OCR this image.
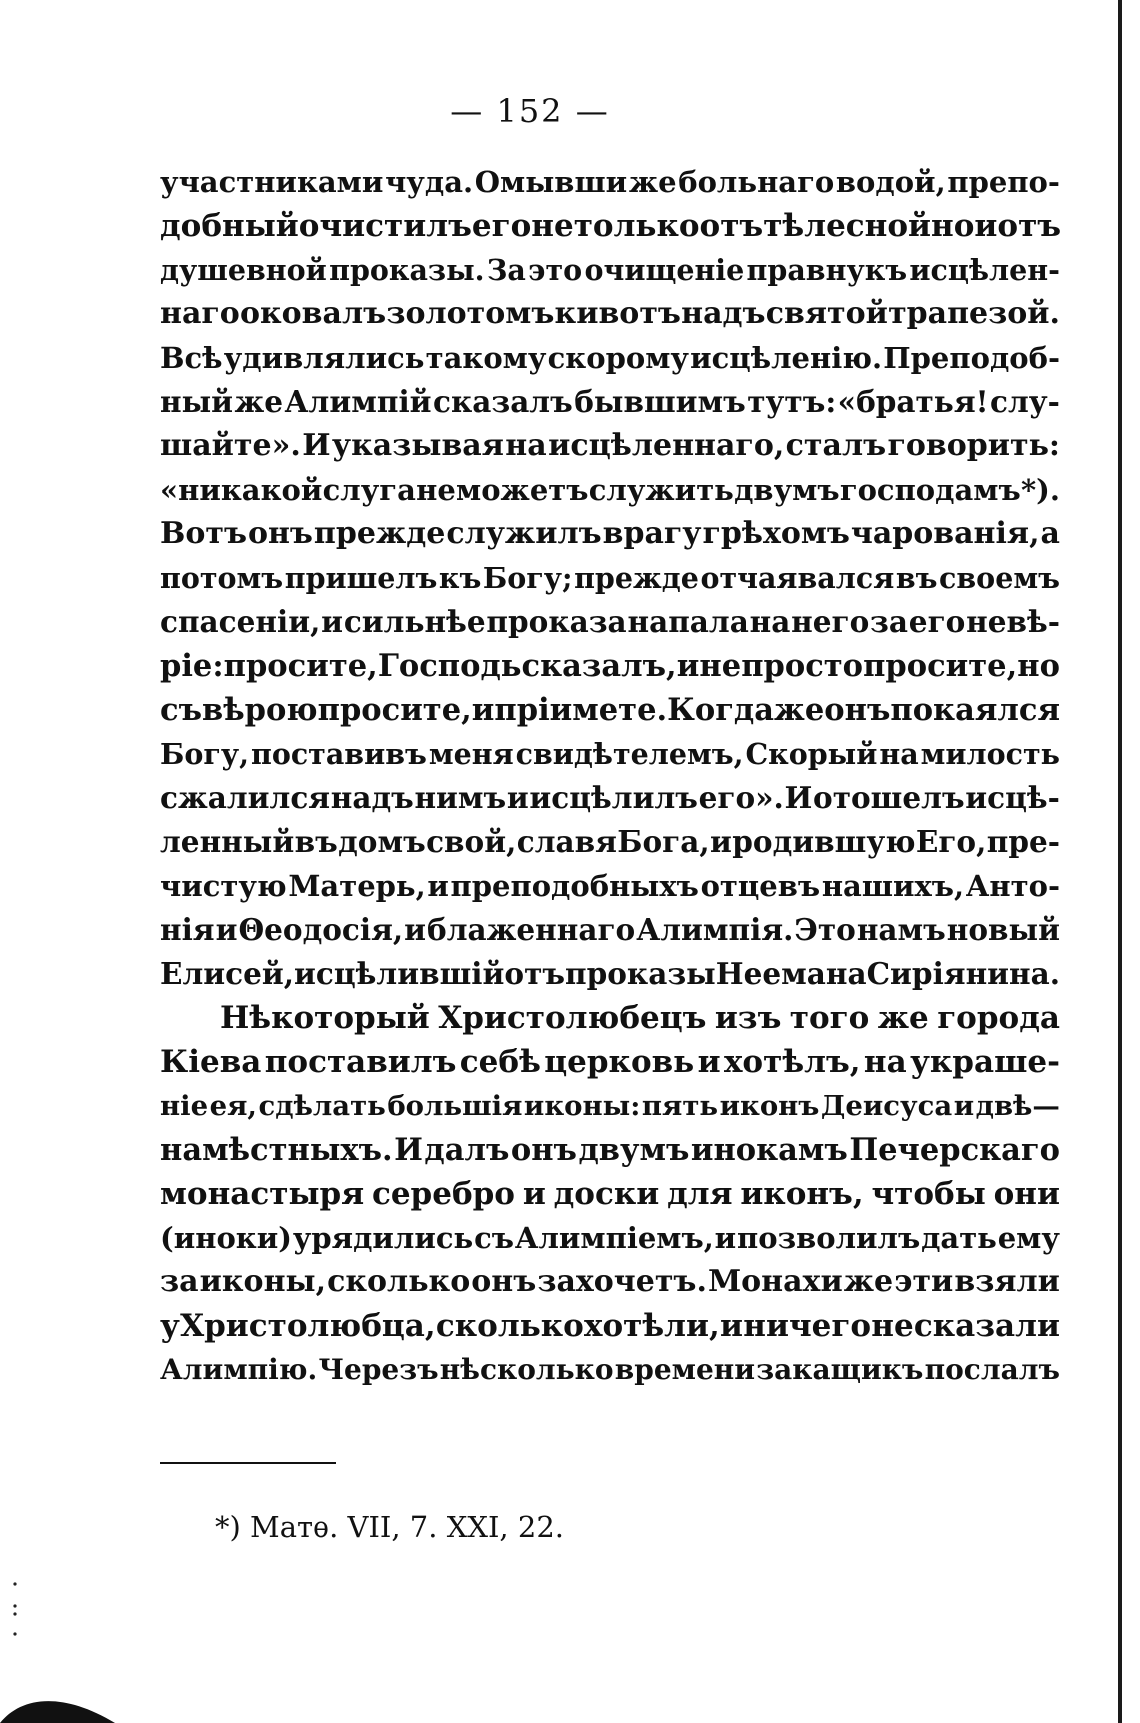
— 152 —
участниками чуда. Омывши же больнаго водой, препо-
добный очистилъ его не только отъ тѣлесной но и отъ
душевной проказы. За это очищеніе правнукъ исцѣлен-
наго оковалъ золотомъ кивотъ надъ святой трапезой.
Всѣ удивлялись такому скорому исцѣленію. Преподоб-
ный же Алимпій сказалъ бывшимъ тутъ: «братья! слу-
шайте». И указывая на исцѣленнаго, сталъ говорить:
«никакой слуга не можетъ служить двумъ господамъ *).
Вотъ онъ прежде служилъ врагу грѣхомъ чарованія, а
потомъ пришелъ къ Богу; прежде отчаявался въ своемъ
спасеніи, и сильнѣе проказа напала на него за его невѣ-
ріе: просите, Господь сказалъ, и не просто просите, но
съ вѣрою просите, и пріимете. Когда же онъ покаялся
Богу, поставивъ меня свидѣтелемъ, Скорый на милость
сжалился надъ нимъ и исцѣлилъ его». И отошелъ исцѣ-
ленный въ домъ свой, славя Бога, и родившую Его, пре-
чистую Матерь, и преподобныхъ отцевъ нашихъ, Анто-
нія и Θеодосія, и блаженнаго Алимпія. Это намъ новый
Елисей, исцѣлившій отъ проказы Неемана Сиріянина.
Нѣкоторый Христолюбецъ изъ того же города
Кіева поставилъ себѣ церковь и хотѣлъ, на украше-
ніе ея, сдѣлать большія иконы: пять иконъ Деисуса и двѣ—
намѣстныхъ. И далъ онъ двумъ инокамъ Печерскаго
монастыря серебро и доски для иконъ, чтобы они
(иноки) урядились съ Алимпіемъ, и позволилъ дать ему
за иконы, сколько онъ захочетъ. Монахи же эти взяли
у Христолюбца, сколько хотѣли, и ничего не сказали
Алимпію. Черезъ нѣсколько времени закащикъ послалъ
*) Матѳ. VII, 7. XXI, 22.
